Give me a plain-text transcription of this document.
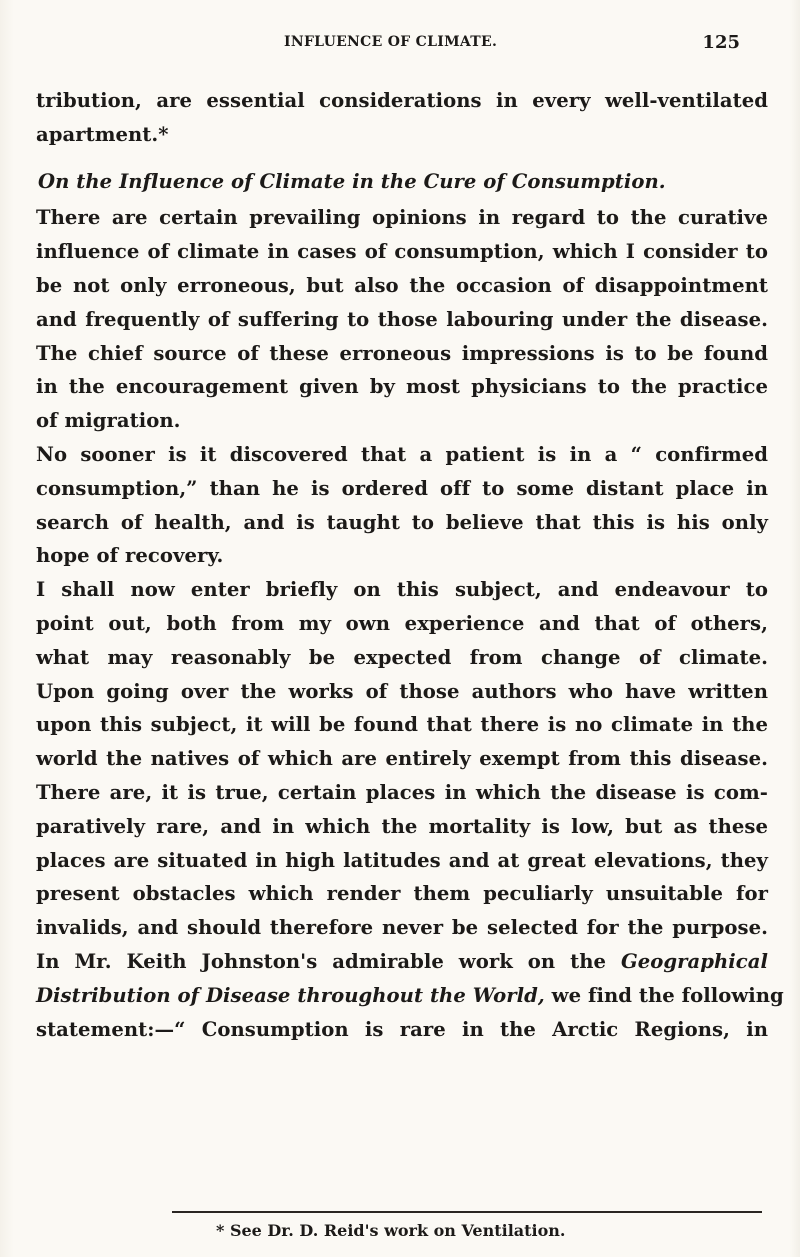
INFLUENCE OF CLIMATE.	125
tribution, are essential considerations in every well-ventilated
apartment.*
On the Influence of Climate in the Cure of Consumption.
There are certain prevailing opinions in regard to the curative
influence of climate in cases of consumption, which I consider to
be not only erroneous, but also the occasion of disappointment
and frequently of suffering to those labouring under the disease.
The chief source of these erroneous impressions is to be found
in the encouragement given by most physicians to the practice
of migration.
No sooner is it discovered that a patient is in a “ confirmed
consumption,” than he is ordered off to some distant place in
search of health, and is taught to believe that this is his only
hope of recovery.
I shall now enter briefly on this subject, and endeavour to
point out, both from my own experience and that of others,
what may reasonably be expected from change of climate.
Upon going over the works of those authors who have written
upon this subject, it will be found that there is no climate in the
world the natives of which are entirely exempt from this disease.
There are, it is true, certain places in which the disease is com-
paratively rare, and in which the mortality is low, but as these
places are situated in high latitudes and at great elevations, they
present obstacles which render them peculiarly unsuitable for
invalids, and should therefore never be selected for the purpose.
In Mr. Keith Johnston's admirable work on the Geographical
Distribution of Disease throughout the World, we find the following
statement:—“ Consumption is rare in the Arctic Regions, in
* See Dr. D. Reid's work on Ventilation.
